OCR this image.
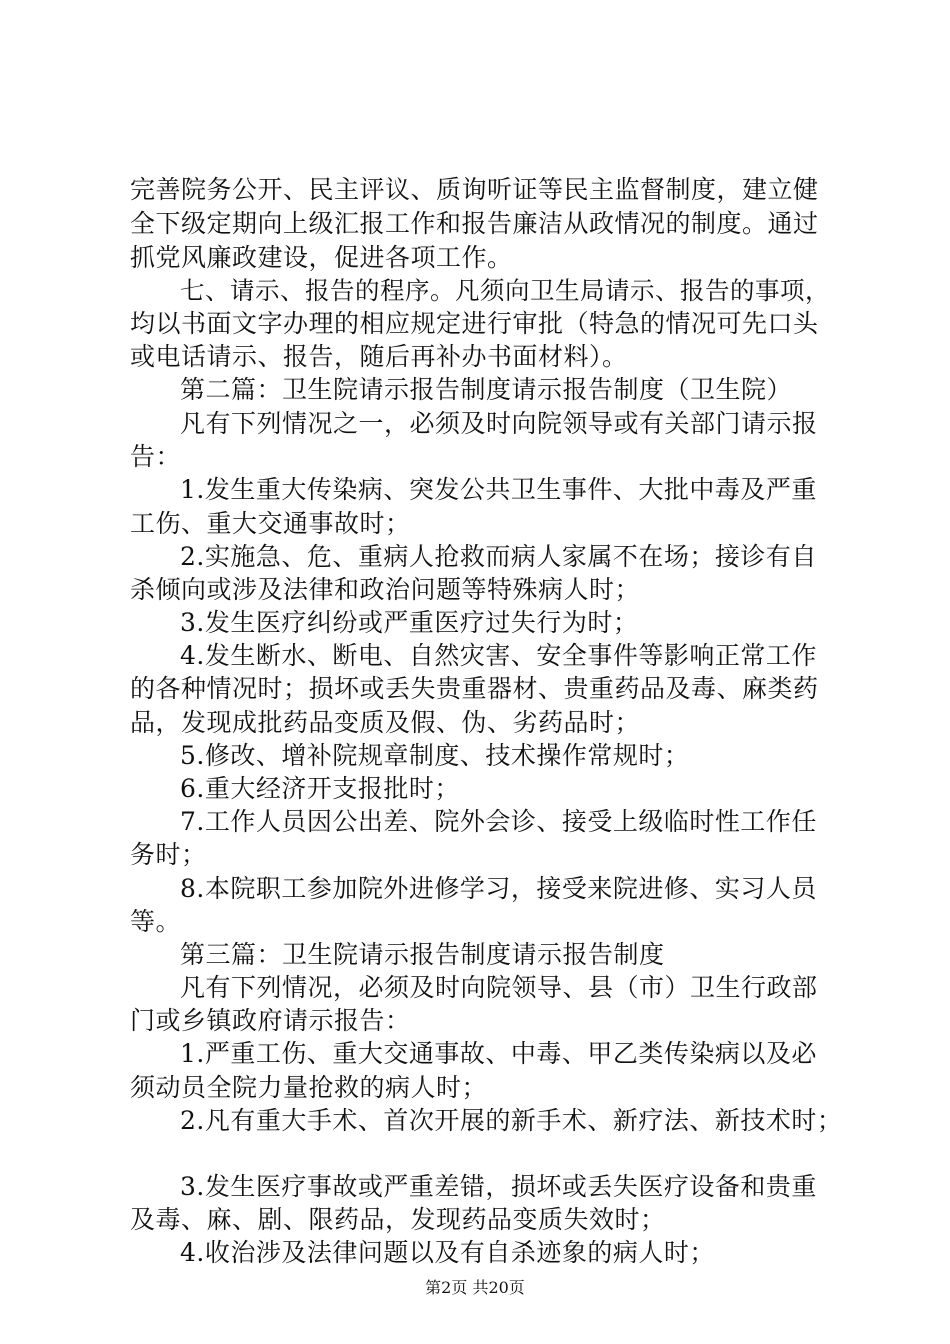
完善院务公开、民主评议、质询听证等民主监督制度，建立健
全下级定期向上级汇报工作和报告廉洁从政情况的制度。通过
抓党风廉政建设，促进各项工作。
七、请示、报告的程序。凡须向卫生局请示、报告的事项，
均以书面文字办理的相应规定进行审批（特急的情况可先口头
或电话请示、报告，随后再补办书面材料）。
第二篇：卫生院请示报告制度请示报告制度（卫生院）
凡有下列情况之一，必须及时向院领导或有关部门请示报
告：
1.发生重大传染病、突发公共卫生事件、大批中毒及严重
工伤、重大交通事故时；
2.实施急、危、重病人抢救而病人家属不在场；接诊有自
杀倾向或涉及法律和政治问题等特殊病人时；
3.发生医疗纠纷或严重医疗过失行为时；
4.发生断水、断电、自然灾害、安全事件等影响正常工作
的各种情况时；损坏或丢失贵重器材、贵重药品及毒、麻类药
品，发现成批药品变质及假、伪、劣药品时；
5.修改、增补院规章制度、技术操作常规时；
6.重大经济开支报批时；
7.工作人员因公出差、院外会诊、接受上级临时性工作任
务时；
8.本院职工参加院外进修学习，接受来院进修、实习人员
等。
第三篇：卫生院请示报告制度请示报告制度
凡有下列情况，必须及时向院领导、县（市）卫生行政部
门或乡镇政府请示报告：
1.严重工伤、重大交通事故、中毒、甲乙类传染病以及必
须动员全院力量抢救的病人时；
2.凡有重大手术、首次开展的新手术、新疗法、新技术时；
3.发生医疗事故或严重差错，损坏或丢失医疗设备和贵重
及毒、麻、剧、限药品，发现药品变质失效时；
4.收治涉及法律问题以及有自杀迹象的病人时；
第2页 共20页
